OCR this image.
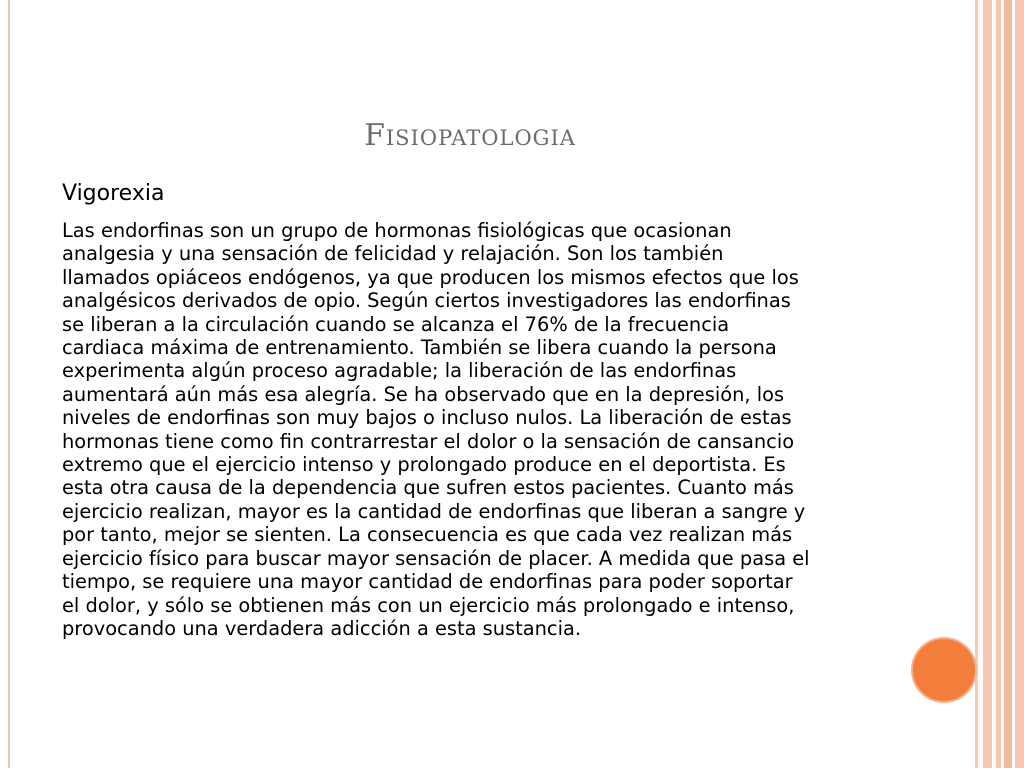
Fisiopatologia

Vigorexia

Las endorfinas son un grupo de hormonas fisiológicas que ocasionan
analgesia y una sensación de felicidad y relajación. Son los también
llamados opiáceos endógenos, ya que producen los mismos efectos que los
analgésicos derivados de opio. Según ciertos investigadores las endorfinas
se liberan a la circulación cuando se alcanza el 76% de la frecuencia
cardiaca máxima de entrenamiento. También se libera cuando la persona
experimenta algún proceso agradable; la liberación de las endorfinas
aumentará aún más esa alegría. Se ha observado que en la depresión, los
niveles de endorfinas son muy bajos o incluso nulos. La liberación de estas
hormonas tiene como fin contrarrestar el dolor o la sensación de cansancio
extremo que el ejercicio intenso y prolongado produce en el deportista. Es
esta otra causa de la dependencia que sufren estos pacientes. Cuanto más
ejercicio realizan, mayor es la cantidad de endorfinas que liberan a sangre y
por tanto, mejor se sienten. La consecuencia es que cada vez realizan más
ejercicio físico para buscar mayor sensación de placer. A medida que pasa el
tiempo, se requiere una mayor cantidad de endorfinas para poder soportar
el dolor, y sólo se obtienen más con un ejercicio más prolongado e intenso,
provocando una verdadera adicción a esta sustancia.
